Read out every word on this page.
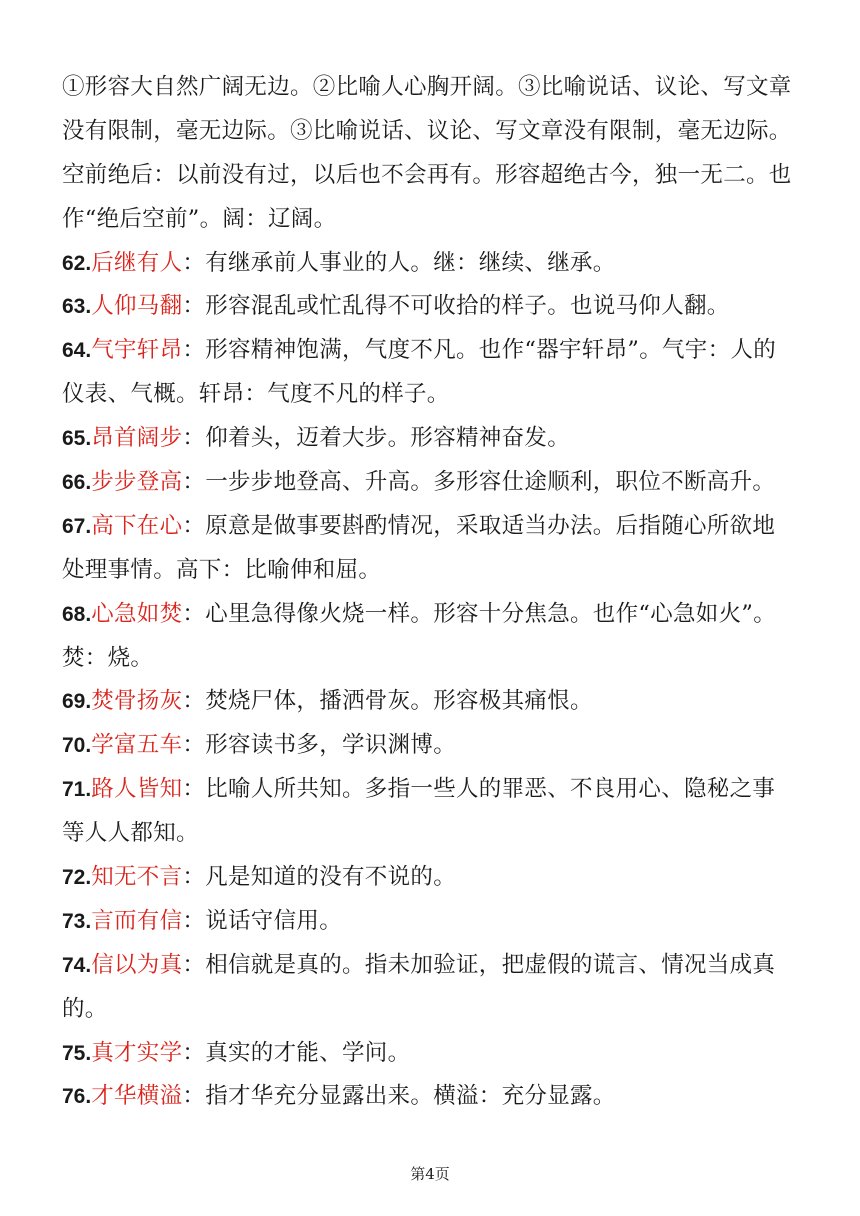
①形容大自然广阔无边。②比喻人心胸开阔。③比喻说话、议论、写文章
没有限制，毫无边际。③比喻说话、议论、写文章没有限制，毫无边际。
空前绝后：以前没有过，以后也不会再有。形容超绝古今，独一无二。也
作“绝后空前”。阔：辽阔。
62.后继有人：有继承前人事业的人。继：继续、继承。
63.人仰马翻：形容混乱或忙乱得不可收拾的样子。也说马仰人翻。
64.气宇轩昂：形容精神饱满，气度不凡。也作“器宇轩昂”。气宇：人的
仪表、气概。轩昂：气度不凡的样子。
65.昂首阔步：仰着头，迈着大步。形容精神奋发。
66.步步登高：一步步地登高、升高。多形容仕途顺利，职位不断高升。
67.高下在心：原意是做事要斟酌情况，采取适当办法。后指随心所欲地
处理事情。高下：比喻伸和屈。
68.心急如焚：心里急得像火烧一样。形容十分焦急。也作“心急如火”。
焚：烧。
69.焚骨扬灰：焚烧尸体，播洒骨灰。形容极其痛恨。
70.学富五车：形容读书多，学识渊博。
71.路人皆知：比喻人所共知。多指一些人的罪恶、不良用心、隐秘之事
等人人都知。
72.知无不言：凡是知道的没有不说的。
73.言而有信：说话守信用。
74.信以为真：相信就是真的。指未加验证，把虚假的谎言、情况当成真
的。
75.真才实学：真实的才能、学问。
76.才华横溢：指才华充分显露出来。横溢：充分显露。
第4页
